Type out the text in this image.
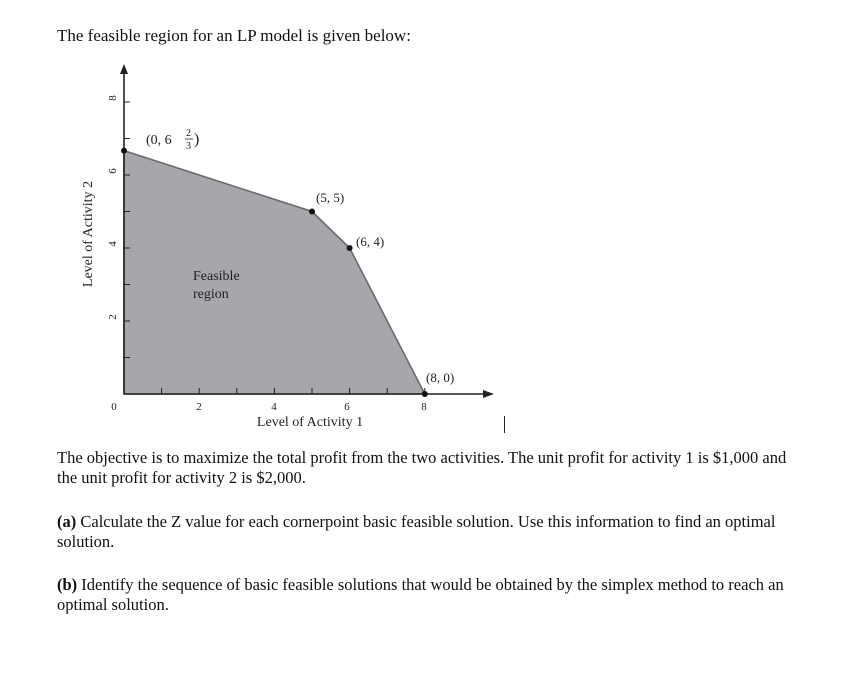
The feasible region for an LP model is given below:

0	2	4	6	8
2
4
6
8
Level of Activity 1
Level of Activity 2	Feasible
region
(0, 6 2
3 )
(5, 5)
(6, 4)
(8, 0)

The objective is to maximize the total profit from the two activities. The unit profit for activity 1 is $1,000 and the unit profit for activity 2 is $2,000.

(a) Calculate the Z value for each cornerpoint basic feasible solution. Use this information to find an optimal solution.

(b) Identify the sequence of basic feasible solutions that would be obtained by the simplex method to reach an optimal solution.
